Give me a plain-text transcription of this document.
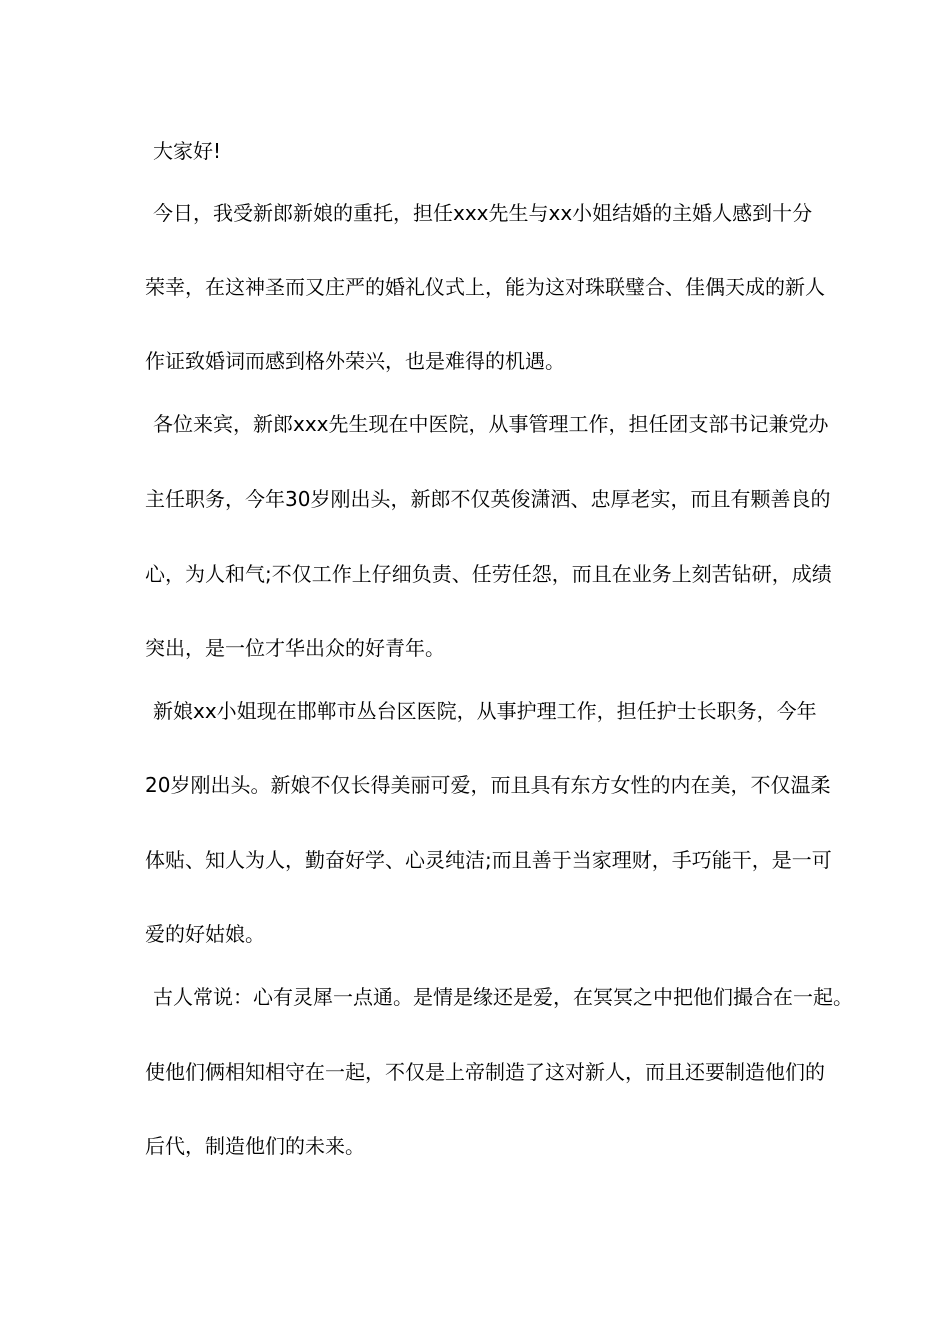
大家好!

今日，我受新郎新娘的重托，担任xxx先生与xx小姐结婚的主婚人感到十分

荣幸，在这神圣而又庄严的婚礼仪式上，能为这对珠联璧合、佳偶天成的新人

作证致婚词而感到格外荣兴，也是难得的机遇。

各位来宾，新郎xxx先生现在中医院，从事管理工作，担任团支部书记兼党办

主任职务，今年30岁刚出头，新郎不仅英俊潇洒、忠厚老实，而且有颗善良的

心，为人和气;不仅工作上仔细负责、任劳任怨，而且在业务上刻苦钻研，成绩

突出，是一位才华出众的好青年。

新娘xx小姐现在邯郸市丛台区医院，从事护理工作，担任护士长职务，今年

20岁刚出头。新娘不仅长得美丽可爱，而且具有东方女性的内在美，不仅温柔

体贴、知人为人，勤奋好学、心灵纯洁;而且善于当家理财，手巧能干，是一可

爱的好姑娘。

古人常说：心有灵犀一点通。是情是缘还是爱，在冥冥之中把他们撮合在一起。

使他们俩相知相守在一起，不仅是上帝制造了这对新人，而且还要制造他们的

后代，制造他们的未来。
